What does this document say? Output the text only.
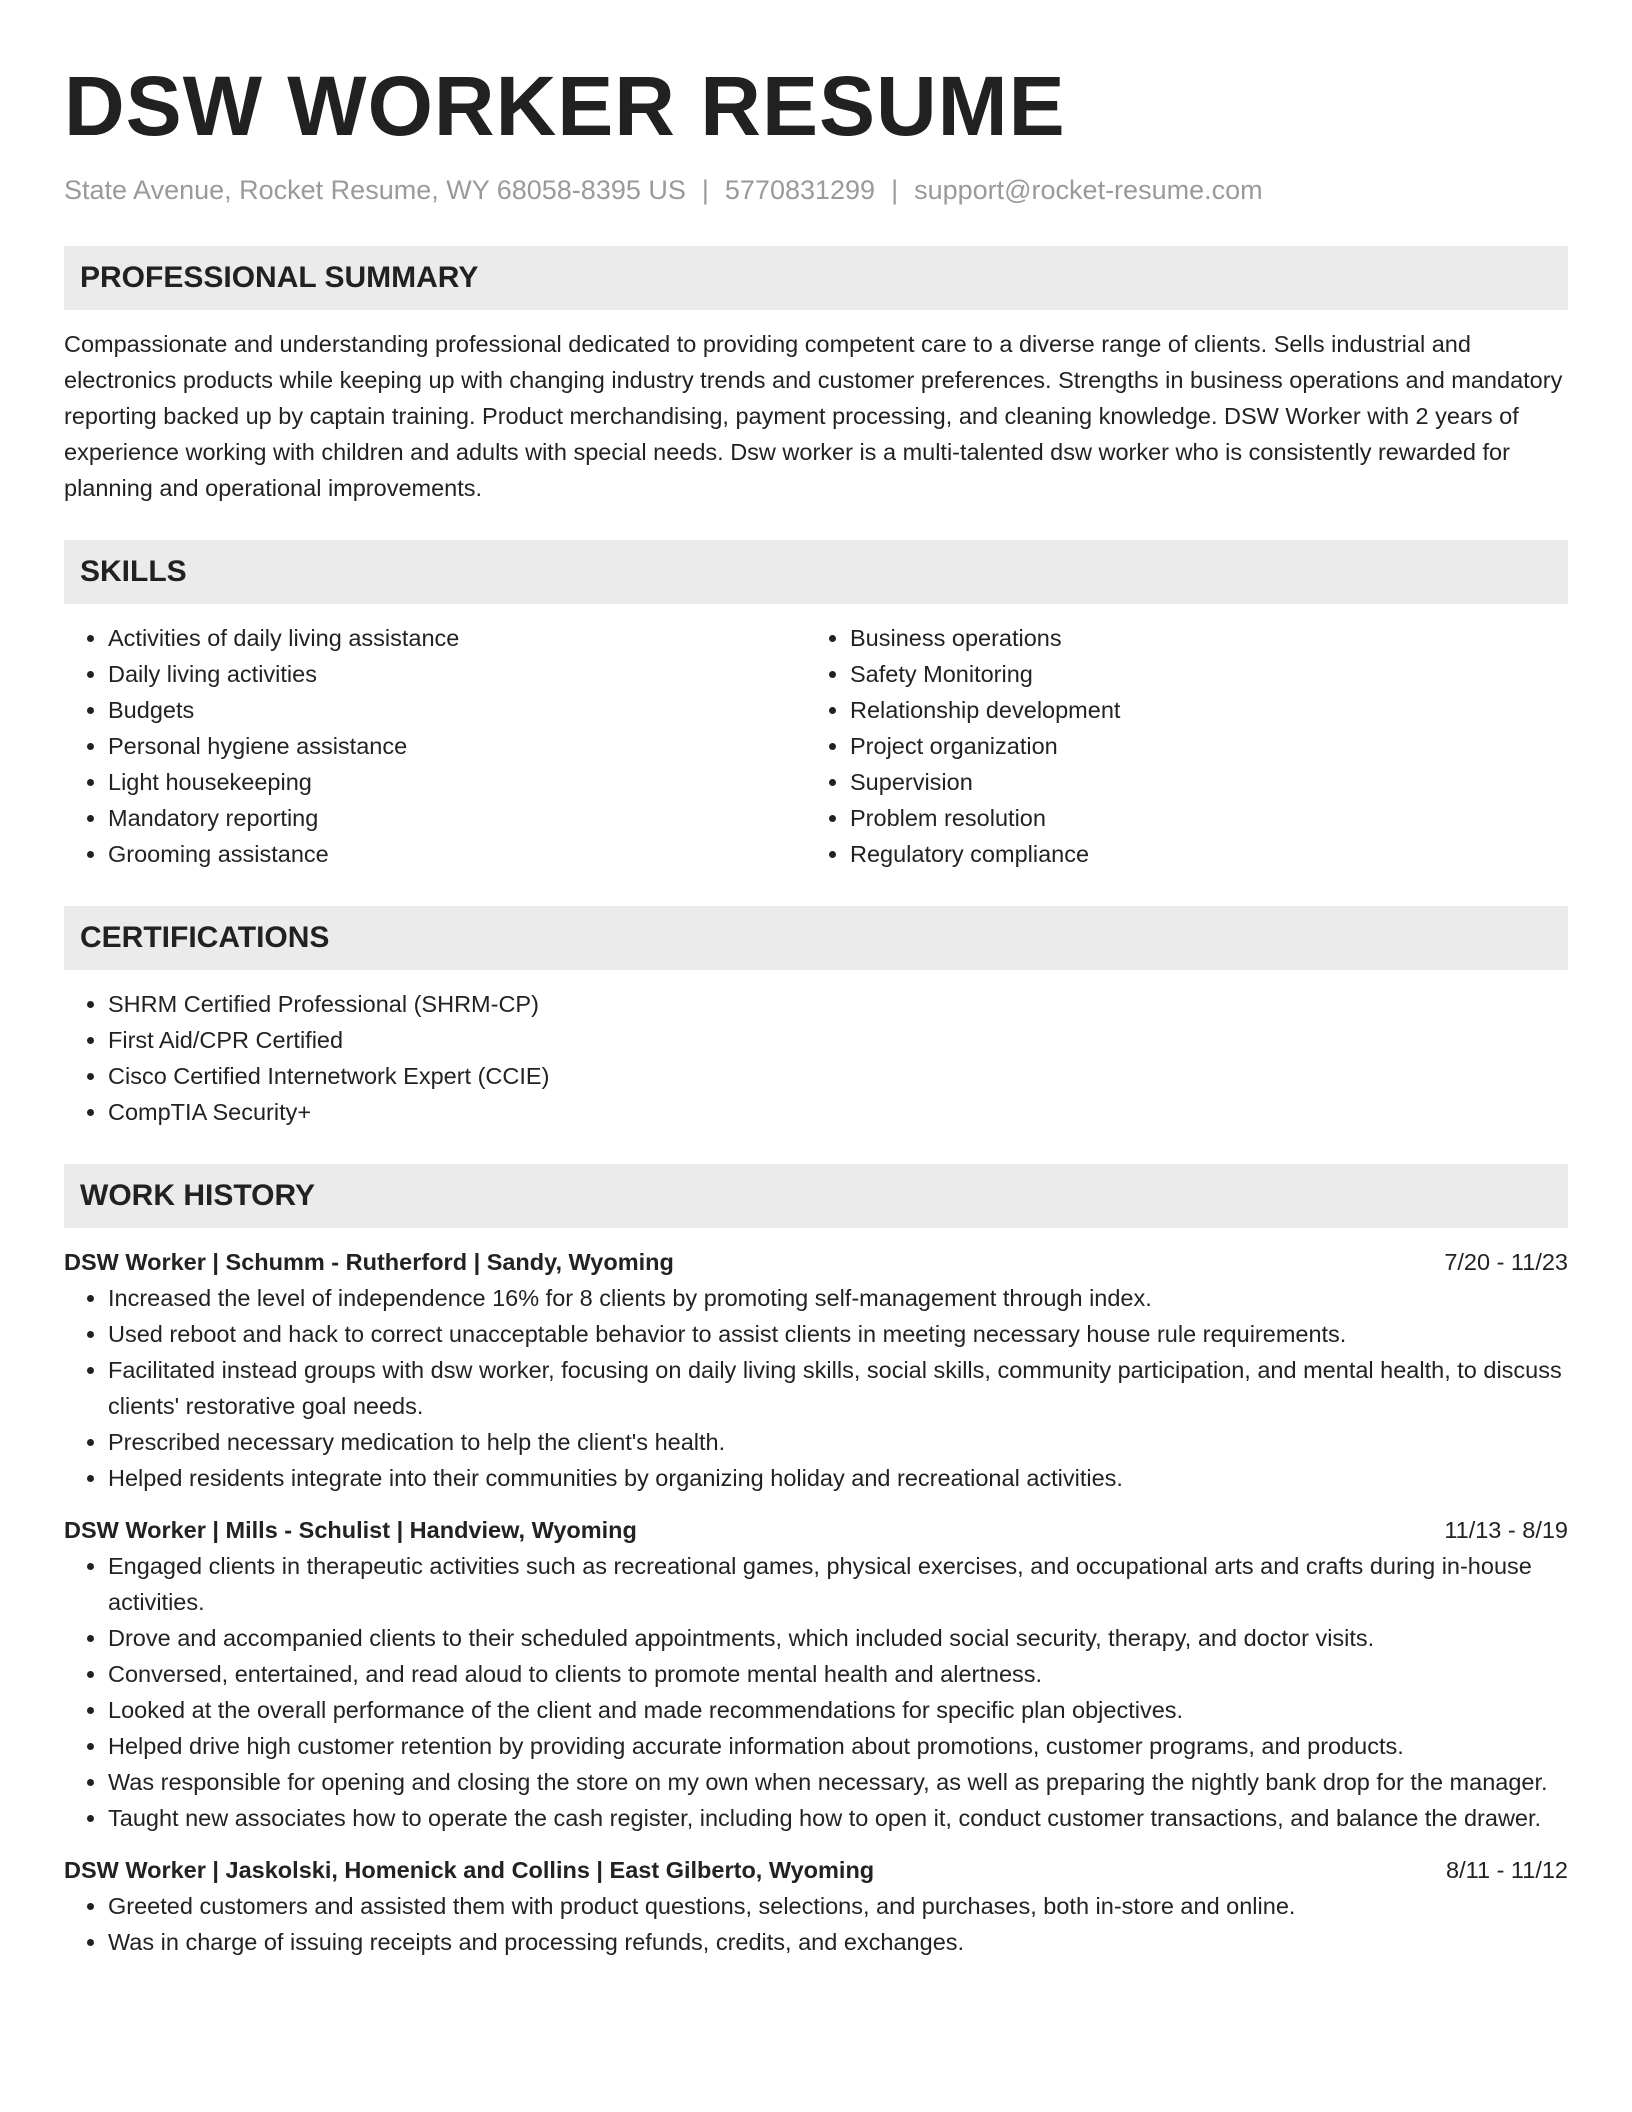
DSW WORKER RESUME
State Avenue, Rocket Resume, WY 68058-8395 US | 5770831299 | support@rocket-resume.com
PROFESSIONAL SUMMARY

Compassionate and understanding professional dedicated to providing competent care to a diverse range of clients. Sells industrial and electronics products while keeping up with changing industry trends and customer preferences. Strengths in business operations and mandatory reporting backed up by captain training. Product merchandising, payment processing, and cleaning knowledge. DSW Worker with 2 years of experience working with children and adults with special needs. Dsw worker is a multi-talented dsw worker who is consistently rewarded for planning and operational improvements.

SKILLS
• Activities of daily living assistance
• Daily living activities
• Budgets
• Personal hygiene assistance
• Light housekeeping
• Mandatory reporting
• Grooming assistance
• Business operations
• Safety Monitoring
• Relationship development
• Project organization
• Supervision
• Problem resolution
• Regulatory compliance
CERTIFICATIONS
• SHRM Certified Professional (SHRM-CP)
• First Aid/CPR Certified
• Cisco Certified Internetwork Expert (CCIE)
• CompTIA Security+
WORK HISTORY
DSW Worker | Schumm - Rutherford | Sandy, Wyoming	7/20 - 11/23
• Increased the level of independence 16% for 8 clients by promoting self-management through index.
• Used reboot and hack to correct unacceptable behavior to assist clients in meeting necessary house rule requirements.
• Facilitated instead groups with dsw worker, focusing on daily living skills, social skills, community participation, and mental health, to discuss clients' restorative goal needs.
• Prescribed necessary medication to help the client's health.
• Helped residents integrate into their communities by organizing holiday and recreational activities.
DSW Worker | Mills - Schulist | Handview, Wyoming	11/13 - 8/19
• Engaged clients in therapeutic activities such as recreational games, physical exercises, and occupational arts and crafts during in-house activities.
• Drove and accompanied clients to their scheduled appointments, which included social security, therapy, and doctor visits.
• Conversed, entertained, and read aloud to clients to promote mental health and alertness.
• Looked at the overall performance of the client and made recommendations for specific plan objectives.
• Helped drive high customer retention by providing accurate information about promotions, customer programs, and products.
• Was responsible for opening and closing the store on my own when necessary, as well as preparing the nightly bank drop for the manager.
• Taught new associates how to operate the cash register, including how to open it, conduct customer transactions, and balance the drawer.
DSW Worker | Jaskolski, Homenick and Collins | East Gilberto, Wyoming	8/11 - 11/12
• Greeted customers and assisted them with product questions, selections, and purchases, both in-store and online.
• Was in charge of issuing receipts and processing refunds, credits, and exchanges.
